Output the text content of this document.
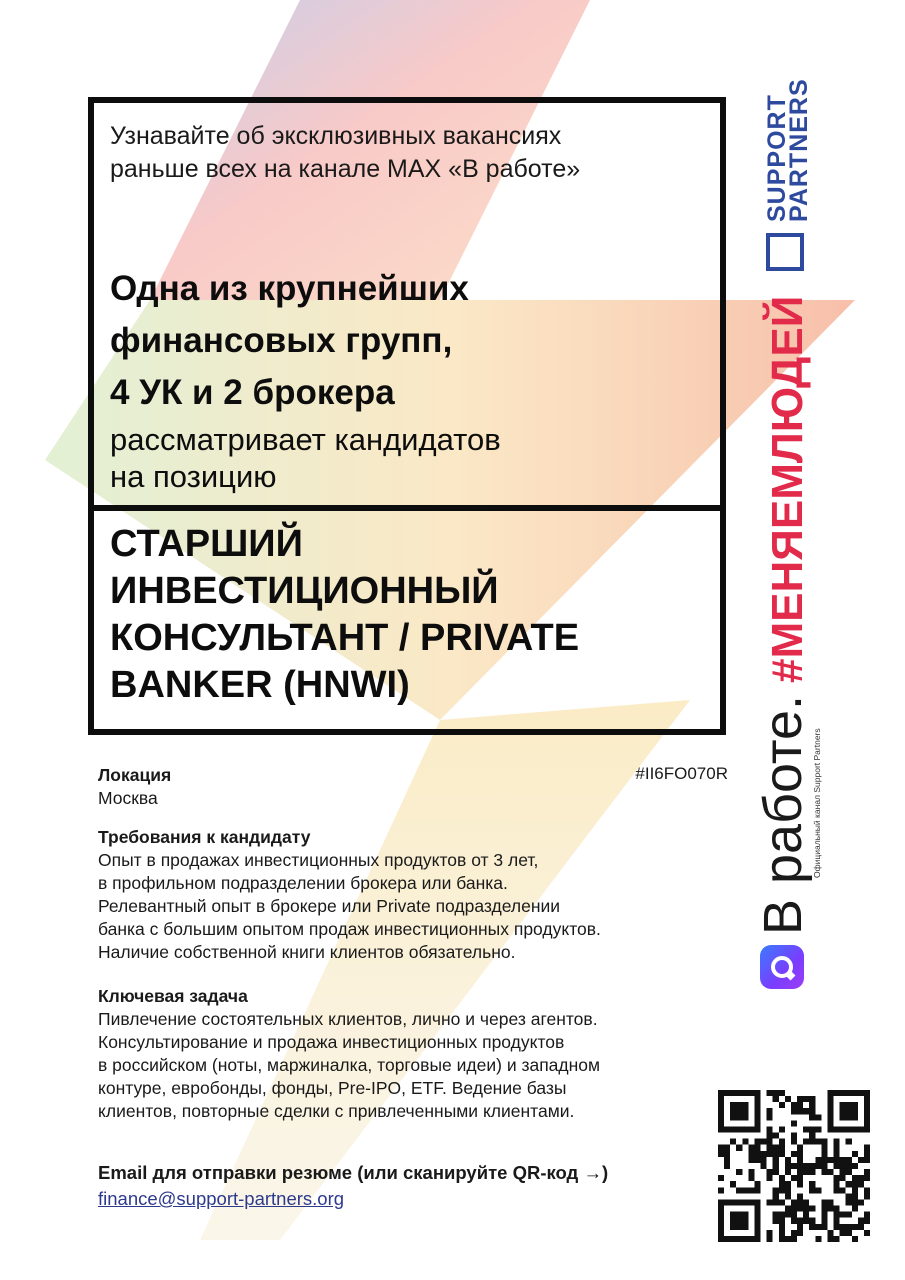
Узнавайте об эксклюзивных вакансиях
раньше всех на канале MAX «В работе»
Одна из крупнейших
финансовых групп,
4 УК и 2 брокера
рассматривает кандидатов
на позицию
СТАРШИЙ
ИНВЕСТИЦИОННЫЙ
КОНСУЛЬТАНТ / PRIVATE
BANKER (HNWI)
Локация
Москва
#II6FO070R
Требования к кандидату
Опыт в продажах инвестиционных продуктов от 3 лет,
в профильном подразделении брокера или банка.
Релевантный опыт в брокере или Private подразделении
банка с большим опытом продаж инвестиционных продуктов.
Наличие собственной книги клиентов обязательно.
Ключевая задача
Пивлечение состоятельных клиентов, лично и через агентов.
Консультирование и продажа инвестиционных продуктов
в российском (ноты, маржиналка, торговые идеи) и западном
контуре, евробонды, фонды, Pre-IPO, ETF. Ведение базы
клиентов, повторные сделки с привлеченными клиентами.
Email для отправки резюме (или сканируйте QR-код →)
finance@support-partners.org
SUPPORT
PARTNERS
#МЕНЯЕМЛЮДЕЙ
В работе. Официальный канал Support Partners
